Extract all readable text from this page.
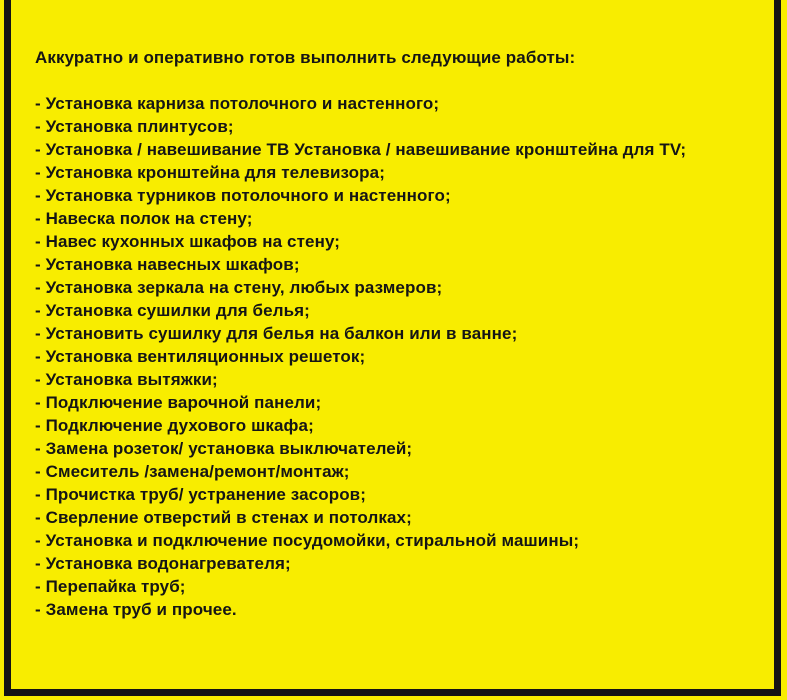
Аккуратно и оперативно готов выполнить следующие работы:

- Установка карниза потолочного и настенного;

- Установка плинтусов;

- Установка / навешивание ТВ Установка / навешивание кронштейна для TV;

- Установка кронштейна для телевизора;

- Установка турников потолочного и настенного;

- Навеска полок на стену;

- Навес кухонных шкафов на стену;

- Установка навесных шкафов;

- Установка зеркала на стену, любых размеров;

- Установка сушилки для белья;

- Установить сушилку для белья на балкон или в ванне;

- Установка вентиляционных решеток;

- Установка вытяжки;

- Подключение варочной панели;

- Подключение духового шкафа;

- Замена розеток/ установка выключателей;

- Смеситель /замена/ремонт/монтаж;

- Прочистка труб/ устранение засоров;

- Сверление отверстий в стенах и потолках;

- Установка и подключение посудомойки, стиральной машины;

- Установка водонагревателя;

- Перепайка труб;

- Замена труб и прочее.
